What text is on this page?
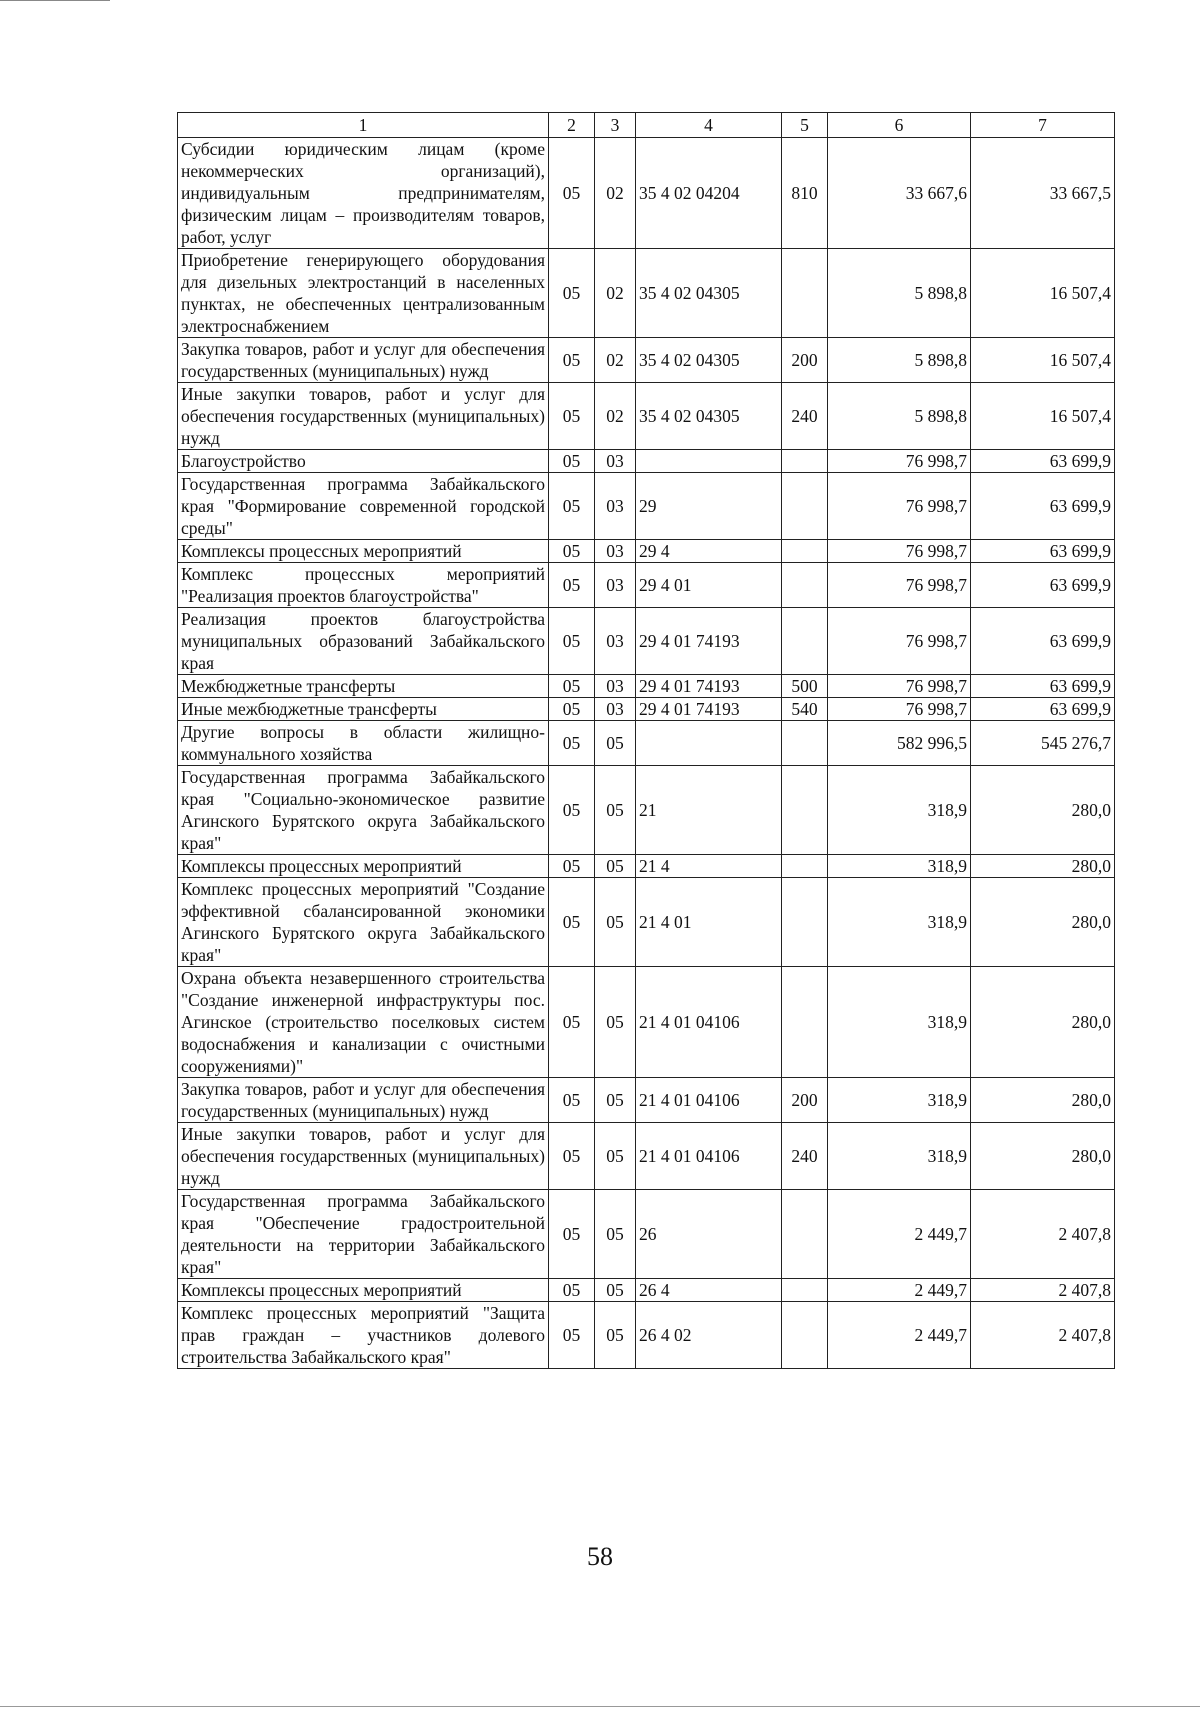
1	2	3	4	5	6	7
Субсидии юридическим лицам (кроме некоммерческих организаций), индивидуальным предпринимателям, физическим лицам – производителям товаров, работ, услуг	05	02	35 4 02 04204	810	33 667,6	33 667,5
Приобретение генерирующего оборудования для дизельных электростанций в населенных пунктах, не обеспеченных централизованным электроснабжением	05	02	35 4 02 04305		5 898,8	16 507,4
Закупка товаров, работ и услуг для обеспечения государственных (муниципальных) нужд	05	02	35 4 02 04305	200	5 898,8	16 507,4
Иные закупки товаров, работ и услуг для обеспечения государственных (муниципальных) нужд	05	02	35 4 02 04305	240	5 898,8	16 507,4
Благоустройство	05	03			76 998,7	63 699,9
Государственная программа Забайкальского края "Формирование современной городской среды"	05	03	29		76 998,7	63 699,9
Комплексы процессных мероприятий	05	03	29 4		76 998,7	63 699,9
Комплекс процессных мероприятий "Реализация проектов благоустройства"	05	03	29 4 01		76 998,7	63 699,9
Реализация проектов благоустройства муниципальных образований Забайкальского края	05	03	29 4 01 74193		76 998,7	63 699,9
Межбюджетные трансферты	05	03	29 4 01 74193	500	76 998,7	63 699,9
Иные межбюджетные трансферты	05	03	29 4 01 74193	540	76 998,7	63 699,9
Другие вопросы в области жилищно-коммунального хозяйства	05	05			582 996,5	545 276,7
Государственная программа Забайкальского края "Социально-экономическое развитие Агинского Бурятского округа Забайкальского края"	05	05	21		318,9	280,0
Комплексы процессных мероприятий	05	05	21 4		318,9	280,0
Комплекс процессных мероприятий "Создание эффективной сбалансированной экономики Агинского Бурятского округа Забайкальского края"	05	05	21 4 01		318,9	280,0
Охрана объекта незавершенного строительства "Создание инженерной инфраструктуры пос. Агинское (строительство поселковых систем водоснабжения и канализации с очистными сооружениями)"	05	05	21 4 01 04106		318,9	280,0
Закупка товаров, работ и услуг для обеспечения государственных (муниципальных) нужд	05	05	21 4 01 04106	200	318,9	280,0
Иные закупки товаров, работ и услуг для обеспечения государственных (муниципальных) нужд	05	05	21 4 01 04106	240	318,9	280,0
Государственная программа Забайкальского края "Обеспечение градостроительной деятельности на территории Забайкальского края"	05	05	26		2 449,7	2 407,8
Комплексы процессных мероприятий	05	05	26 4		2 449,7	2 407,8
Комплекс процессных мероприятий "Защита прав граждан – участников долевого строительства Забайкальского края"	05	05	26 4 02		2 449,7	2 407,8
58
